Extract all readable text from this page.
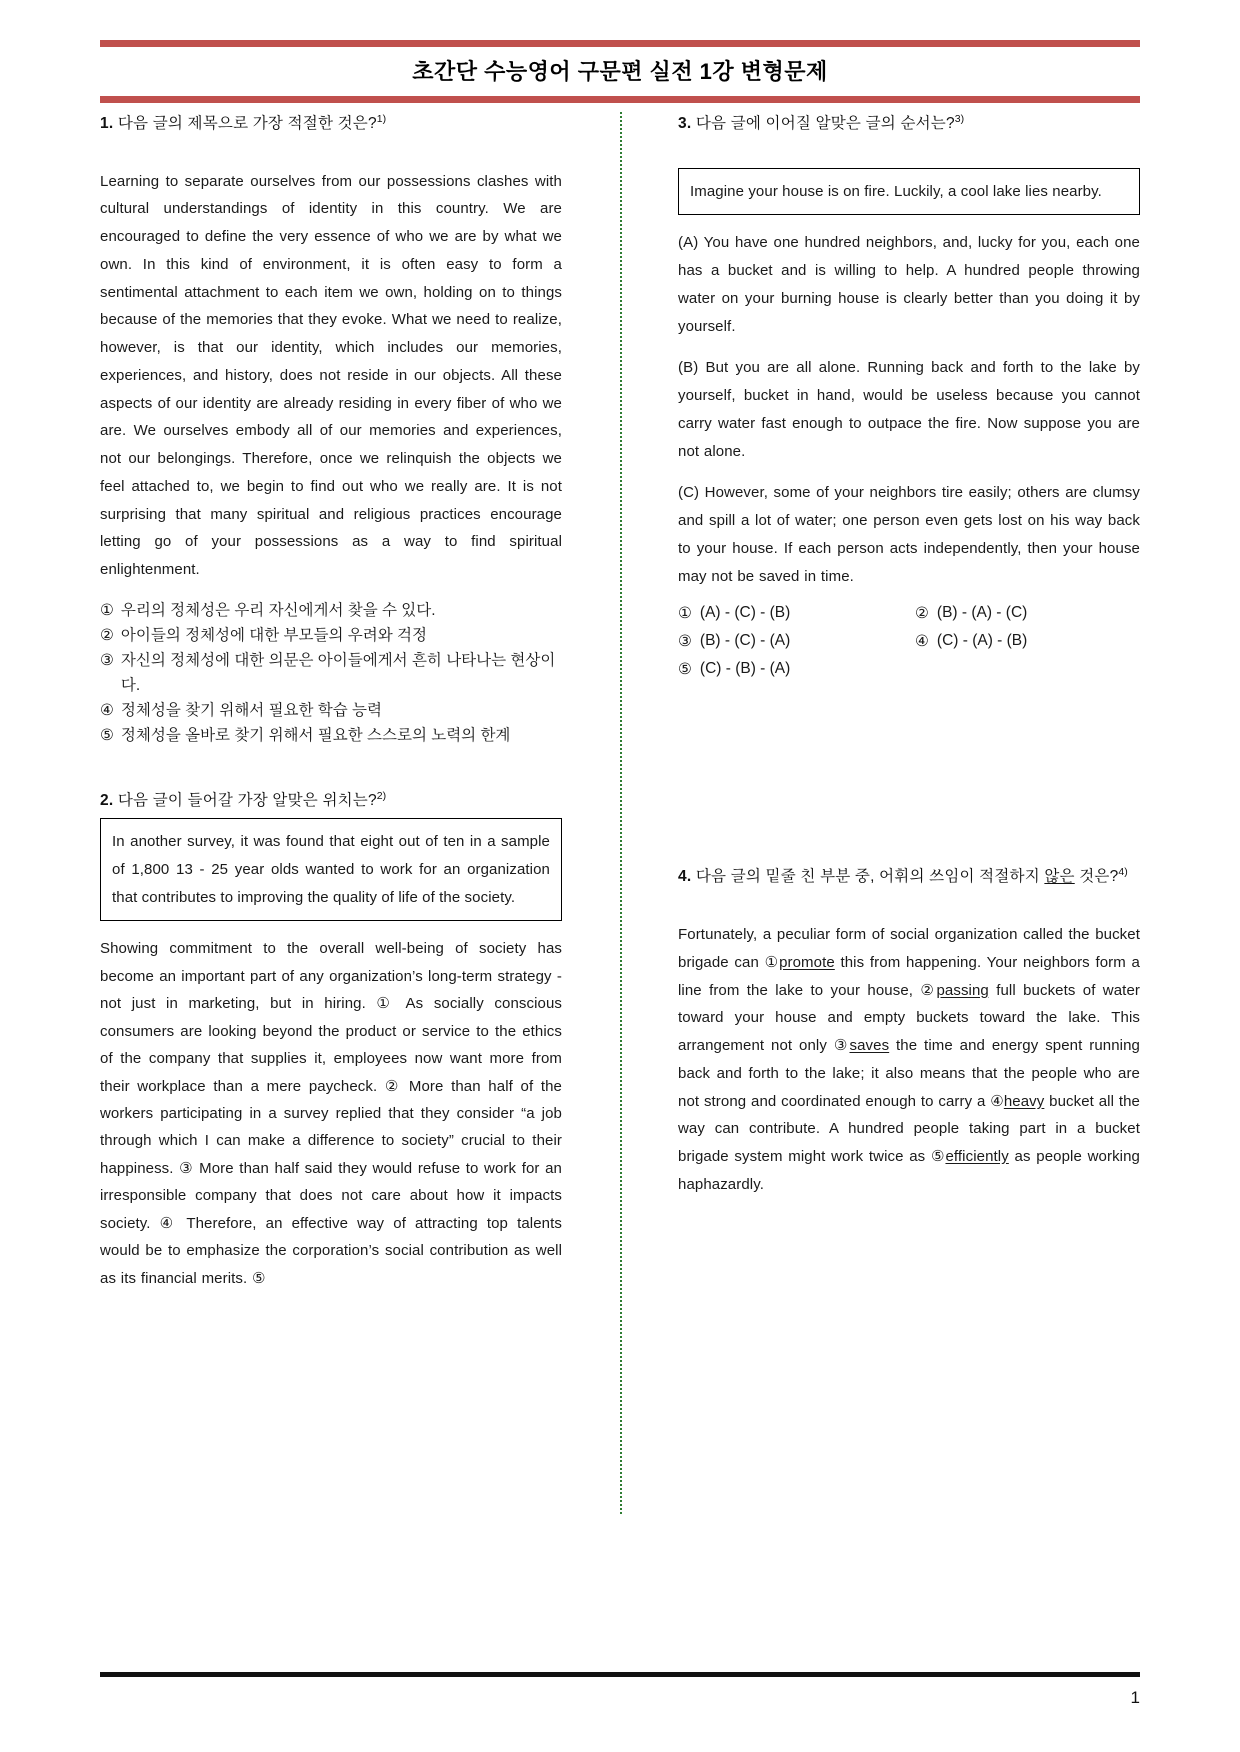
초간단 수능영어 구문편 실전 1강 변형문제
1. 다음 글의 제목으로 가장 적절한 것은?$^{1)}$
Learning to separate ourselves from our possessions clashes with cultural understandings of identity in this country. We are encouraged to define the very essence of who we are by what we own. In this kind of environment, it is often easy to form a sentimental attachment to each item we own, holding on to things because of the memories that they evoke. What we need to realize, however, is that our identity, which includes our memories, experiences, and history, does not reside in our objects. All these aspects of our identity are already residing in every fiber of who we are. We ourselves embody all of our memories and experiences, not our belongings. Therefore, once we relinquish the objects we feel attached to, we begin to find out who we really are. It is not surprising that many spiritual and religious practices encourage letting go of your possessions as a way to find spiritual enlightenment.
① 우리의 정체성은 우리 자신에게서 찾을 수 있다.
② 아이들의 정체성에 대한 부모들의 우려와 걱정
③ 자신의 정체성에 대한 의문은 아이들에게서 흔히 나타나는 현상이다.
④ 정체성을 찾기 위해서 필요한 학습 능력
⑤ 정체성을 올바로 찾기 위해서 필요한 스스로의 노력의 한계
2. 다음 글이 들어갈 가장 알맞은 위치는?$^{2)}$
In another survey, it was found that eight out of ten in a sample of 1,800 13 - 25 year olds wanted to work for an organization that contributes to improving the quality of life of the society.
Showing commitment to the overall well-being of society has become an important part of any organization’s long-term strategy - not just in marketing, but in hiring. ① As socially conscious consumers are looking beyond the product or service to the ethics of the company that supplies it, employees now want more from their workplace than a mere paycheck. ② More than half of the workers participating in a survey replied that they consider “a job through which I can make a difference to society” crucial to their happiness. ③ More than half said they would refuse to work for an irresponsible company that does not care about how it impacts society. ④ Therefore, an effective way of attracting top talents would be to emphasize the corporation’s social contribution as well as its financial merits. ⑤
3. 다음 글에 이어질 알맞은 글의 순서는?$^{3)}$
Imagine your house is on fire. Luckily, a cool lake lies nearby.
(A) You have one hundred neighbors, and, lucky for you, each one has a bucket and is willing to help. A hundred people throwing water on your burning house is clearly better than you doing it by yourself.
(B) But you are all alone. Running back and forth to the lake by yourself, bucket in hand, would be useless because you cannot carry water fast enough to outpace the fire. Now suppose you are not alone.
(C) However, some of your neighbors tire easily; others are clumsy and spill a lot of water; one person even gets lost on his way back to your house. If each person acts independently, then your house may not be saved in time.
① (A) - (C) - (B)	② (B) - (A) - (C)
③ (B) - (C) - (A)	④ (C) - (A) - (B)
⑤ (C) - (B) - (A)
4. 다음 글의 밑줄 친 부분 중, 어휘의 쓰임이 적절하지 않은 것은?$^{4)}$
Fortunately, a peculiar form of social organization called the bucket brigade can ①promote this from happening. Your neighbors form a line from the lake to your house, ②passing full buckets of water toward your house and empty buckets toward the lake. This arrangement not only ③saves the time and energy spent running back and forth to the lake; it also means that the people who are not strong and coordinated enough to carry a ④heavy bucket all the way can contribute. A hundred people taking part in a bucket brigade system might work twice as ⑤efficiently as people working haphazardly.
1
